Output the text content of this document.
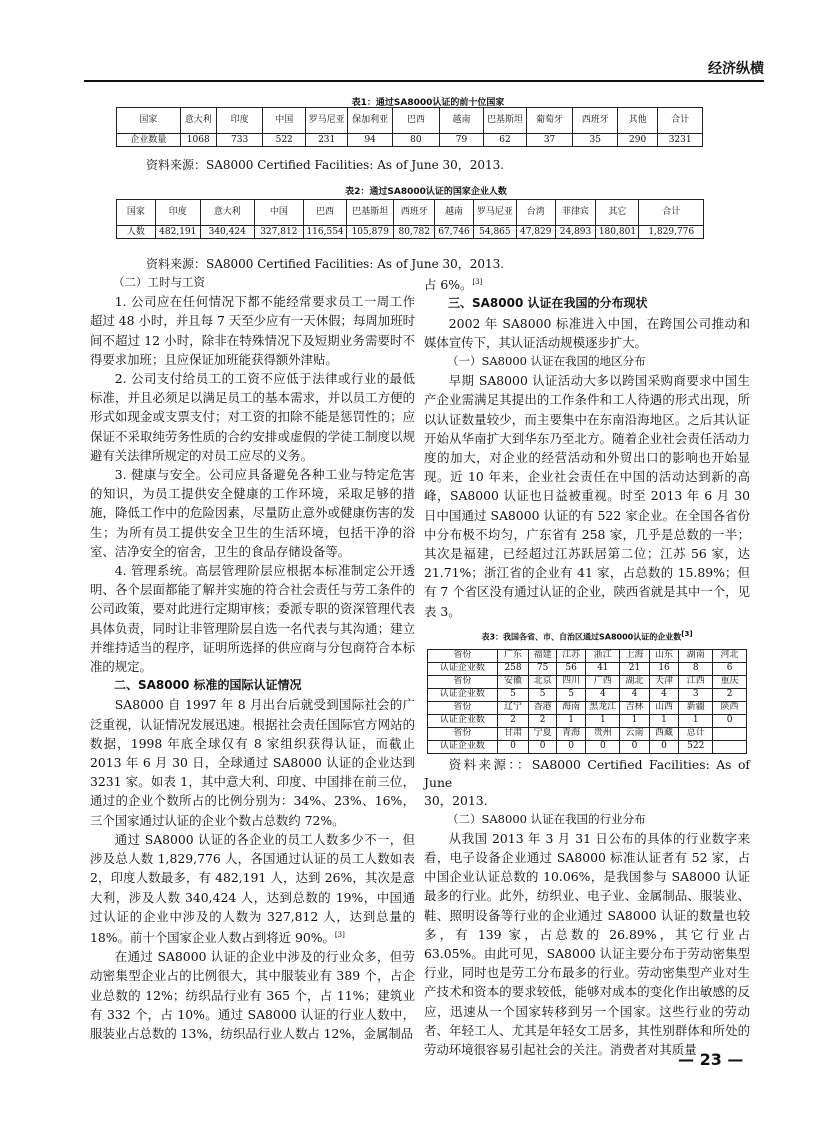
经济纵横
表1：通过SA8000认证的前十位国家
国家	意大利	印度	中国	罗马尼亚	保加利亚	巴西	越南	巴基斯坦	葡萄牙	西班牙	其他	合计
企业数量	1068	733	522	231	94	80	79	62	37	35	290	3231
资料来源：SA8000 Certified Facilities: As of June 30，2013.
表2：通过SA8000认证的国家企业人数
国家	印度	意大利	中国	巴西	巴基斯坦	西班牙	越南	罗马尼亚	台湾	菲律宾	其它	合计
人数	482,191	340,424	327,812	116,554	105,879	80,782	67,746	54,865	47,829	24,893	180,801	1,829,776
资料来源：SA8000 Certified Facilities: As of June 30，2013.

（二）工时与工资

1. 公司应在任何情况下都不能经常要求员工一周工作超过 48 小时，并且每 7 天至少应有一天休假；每周加班时间不超过 12 小时，除非在特殊情况下及短期业务需要时不得要求加班；且应保证加班能获得额外津贴。

2. 公司支付给员工的工资不应低于法律或行业的最低标准，并且必须足以满足员工的基本需求，并以员工方便的形式如现金或支票支付；对工资的扣除不能是惩罚性的；应保证不采取纯劳务性质的合约安排或虚假的学徒工制度以规避有关法律所规定的对员工应尽的义务。

3. 健康与安全。公司应具备避免各种工业与特定危害的知识，为员工提供安全健康的工作环境，采取足够的措施，降低工作中的危险因素，尽量防止意外或健康伤害的发生；为所有员工提供安全卫生的生活环境，包括干净的浴室、洁净安全的宿舍，卫生的食品存储设备等。

4. 管理系统。高层管理阶层应根据本标准制定公开透明、各个层面都能了解并实施的符合社会责任与劳工条件的公司政策，要对此进行定期审核；委派专职的资深管理代表具体负责，同时让非管理阶层自选一名代表与其沟通；建立并维持适当的程序，证明所选择的供应商与分包商符合本标准的规定。

二、SA8000 标准的国际认证情况

SA8000 自 1997 年 8 月出台后就受到国际社会的广泛重视，认证情况发展迅速。根据社会责任国际官方网站的数据，1998 年底全球仅有 8 家组织获得认证，而截止 2013 年 6 月 30 日，全球通过 SA8000 认证的企业达到 3231 家。如表 1，其中意大利、印度、中国排在前三位，通过的企业个数所占的比例分别为：34%、23%、16%，三个国家通过认证的企业个数占总数约 72%。

通过 SA8000 认证的各企业的员工人数多少不一，但涉及总人数 1,829,776 人，各国通过认证的员工人数如表 2，印度人数最多，有 482,191 人，达到 26%，其次是意大利，涉及人数 340,424 人，达到总数的 19%，中国通过认证的企业中涉及的人数为 327,812 人，达到总量的 18%。前十个国家企业人数占到将近 90%。[3]

在通过 SA8000 认证的企业中涉及的行业众多，但劳动密集型企业占的比例很大，其中服装业有 389 个，占企业总数的 12%；纺织品行业有 365 个，占 11%；建筑业有 332 个，占 10%。通过 SA8000 认证的行业人数中，服装业占总数的 13%，纺织品行业人数占 12%，金属制品

占 6%。[3]

三、SA8000 认证在我国的分布现状

2002 年 SA8000 标准进入中国，在跨国公司推动和媒体宣传下，其认证活动规模逐步扩大。

（一）SA8000 认证在我国的地区分布

早期 SA8000 认证活动大多以跨国采购商要求中国生产企业需满足其提出的工作条件和工人待遇的形式出现，所以认证数量较少，而主要集中在东南沿海地区。之后其认证开始从华南扩大到华东乃至北方。随着企业社会责任活动力度的加大，对企业的经营活动和外贸出口的影响也开始显现。近 10 年来，企业社会责任在中国的活动达到新的高峰，SA8000 认证也日益被重视。时至 2013 年 6 月 30 日中国通过 SA8000 认证的有 522 家企业。在全国各省份中分布极不均匀，广东省有 258 家，几乎是总数的一半；其次是福建，已经超过江苏跃居第二位；江苏 56 家，达 21.71%；浙江省的企业有 41 家，占总数的 15.89%；但有 7 个省区没有通过认证的企业，陕西省就是其中一个，见表 3。

表3：我国各省、市、自治区通过SA8000认证的企业数[3]
省份	广东	福建	江苏	浙江	上海	山东	湖南	河北
认证企业数	258	75	56	41	21	16	8	6
省份	安徽	北京	四川	广西	湖北	天津	江西	重庆
认证企业数	5	5	5	4	4	4	3	2
省份	辽宁	香港	海南	黑龙江	吉林	山西	新疆	陕西
认证企业数	2	2	1	1	1	1	1	0
省份	甘肃	宁夏	青海	贵州	云南	西藏	总计	
认证企业数	0	0	0	0	0	0	522	

资料来源：：SA8000 Certified Facilities: As of June

30，2013.

（二）SA8000 认证在我国的行业分布

从我国 2013 年 3 月 31 日公布的具体的行业数字来看，电子设备企业通过 SA8000 标准认证者有 52 家，占中国企业认证总数的 10.06%，是我国参与 SA8000 认证最多的行业。此外，纺织业、电子业、金属制品、服装业、鞋、照明设备等行业的企业通过 SA8000 认证的数量也较多，有 139 家，占总数的 26.89%，其它行业占 63.05%。由此可见，SA8000 认证主要分布于劳动密集型行业，同时也是劳工分布最多的行业。劳动密集型产业对生产技术和资本的要求较低，能够对成本的变化作出敏感的反应，迅速从一个国家转移到另一个国家。这些行业的劳动者、年轻工人、尤其是年轻女工居多，其性别群体和所处的劳动环境很容易引起社会的关注。消费者对其质量

— 23 —
